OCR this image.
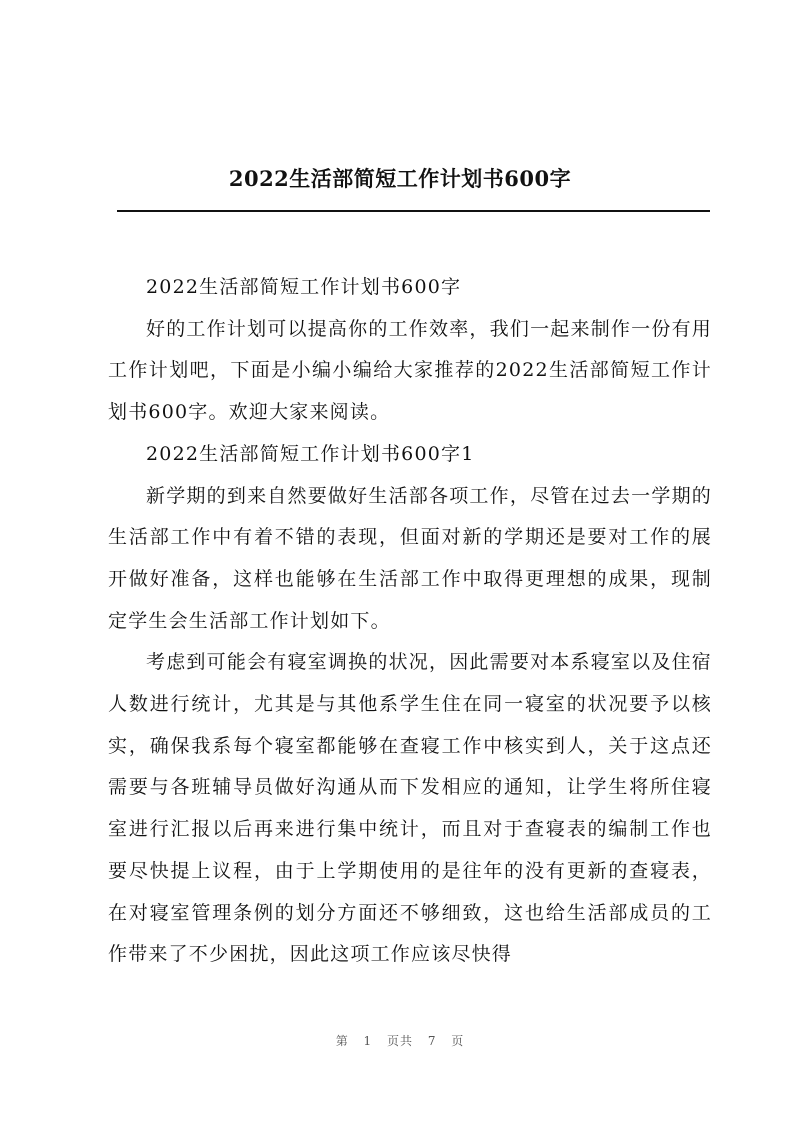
2022生活部简短工作计划书600字

2022生活部简短工作计划书600字

好的工作计划可以提高你的工作效率，我们一起来制作一份有用工作计划吧，下面是小编小编给大家推荐的2022生活部简短工作计划书600字。欢迎大家来阅读。

2022生活部简短工作计划书600字1

新学期的到来自然要做好生活部各项工作，尽管在过去一学期的生活部工作中有着不错的表现，但面对新的学期还是要对工作的展开做好准备，这样也能够在生活部工作中取得更理想的成果，现制定学生会生活部工作计划如下。

考虑到可能会有寝室调换的状况，因此需要对本系寝室以及住宿人数进行统计，尤其是与其他系学生住在同一寝室的状况要予以核实，确保我系每个寝室都能够在查寝工作中核实到人，关于这点还需要与各班辅导员做好沟通从而下发相应的通知，让学生将所住寝室进行汇报以后再来进行集中统计，而且对于查寝表的编制工作也要尽快提上议程，由于上学期使用的是往年的没有更新的查寝表，在对寝室管理条例的划分方面还不够细致，这也给生活部成员的工作带来了不少困扰，因此这项工作应该尽快得

第 1 页共 7 页
